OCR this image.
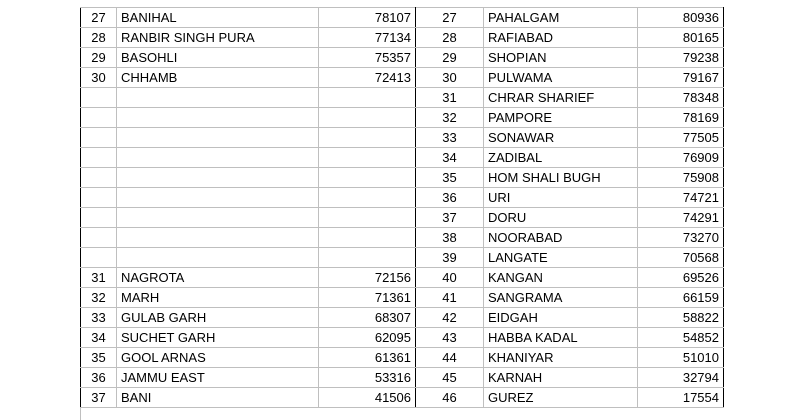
27	BANIHAL	78107	27	PAHALGAM	80936
28	RANBIR SINGH PURA	77134	28	RAFIABAD	80165
29	BASOHLI	75357	29	SHOPIAN	79238
30	CHHAMB	72413	30	PULWAMA	79167
			31	CHRAR SHARIEF	78348
			32	PAMPORE	78169
			33	SONAWAR	77505
			34	ZADIBAL	76909
			35	HOM SHALI BUGH	75908
			36	URI	74721
			37	DORU	74291
			38	NOORABAD	73270
			39	LANGATE	70568
31	NAGROTA	72156	40	KANGAN	69526
32	MARH	71361	41	SANGRAMA	66159
33	GULAB GARH	68307	42	EIDGAH	58822
34	SUCHET GARH	62095	43	HABBA KADAL	54852
35	GOOL ARNAS	61361	44	KHANIYAR	51010
36	JAMMU EAST	53316	45	KARNAH	32794
37	BANI	41506	46	GUREZ	17554
